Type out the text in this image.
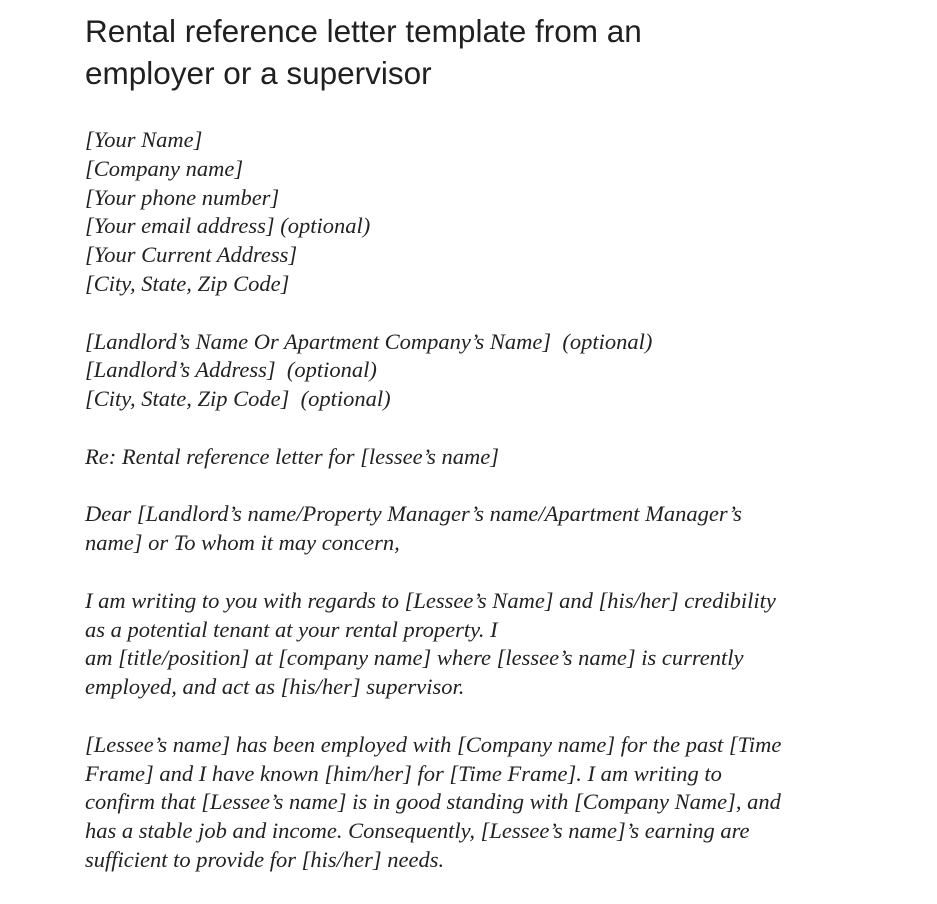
Rental reference letter template from an
employer or a supervisor
[Your Name]
[Company name]
[Your phone number]
[Your email address] (optional)
[Your Current Address]
[City, State, Zip Code]
[Landlord’s Name Or Apartment Company’s Name]  (optional)
[Landlord’s Address]  (optional)
[City, State, Zip Code]  (optional)
Re: Rental reference letter for [lessee’s name]
Dear [Landlord’s name/Property Manager’s name/Apartment Manager’s
name] or To whom it may concern,
I am writing to you with regards to [Lessee’s Name] and [his/her] credibility
as a potential tenant at your rental property. I
am [title/position] at [company name] where [lessee’s name] is currently
employed, and act as [his/her] supervisor.
[Lessee’s name] has been employed with [Company name] for the past [Time
Frame] and I have known [him/her] for [Time Frame]. I am writing to
confirm that [Lessee’s name] is in good standing with [Company Name], and
has a stable job and income. Consequently, [Lessee’s name]’s earning are
sufficient to provide for [his/her] needs.
